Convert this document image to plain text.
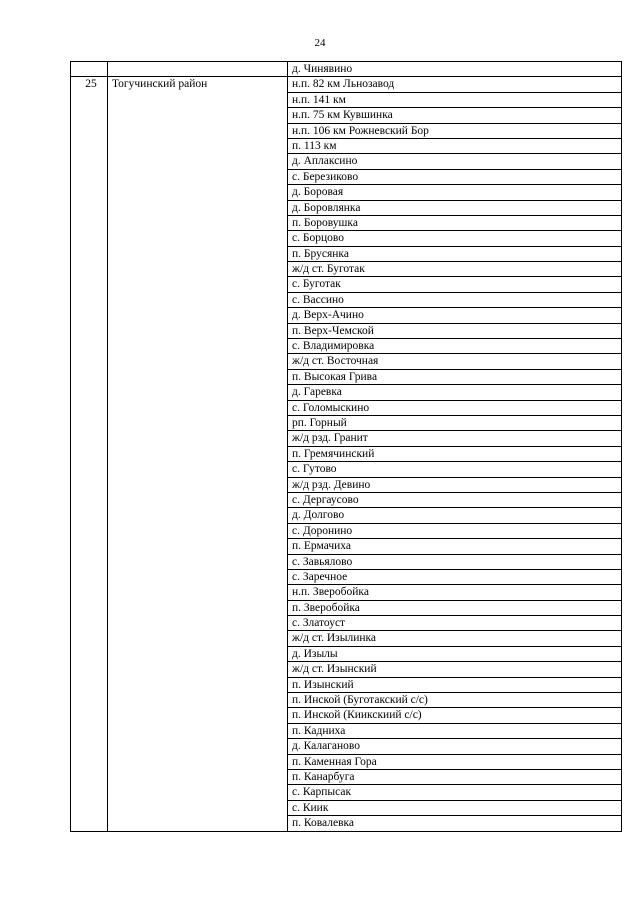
24
		д. Чинявино
25	Тогучинский район	н.п. 82 км Льнозавод
		н.п. 141 км
		н.п. 75 км Кувшинка
		н.п. 106 км Рожневский Бор
		п. 113 км
		д. Аплаксино
		с. Березиково
		д. Боровая
		д. Боровлянка
		п. Боровушка
		с. Борцово
		п. Брусянка
		ж/д ст. Буготак
		с. Буготак
		с. Вассино
		д. Верх-Ачино
		п. Верх-Чемской
		с. Владимировка
		ж/д ст. Восточная
		п. Высокая Грива
		д. Гаревка
		с. Голомыскино
		рп. Горный
		ж/д рзд. Гранит
		п. Гремячинский
		с. Гутово
		ж/д рзд. Девино
		с. Дергаусово
		д. Долгово
		с. Доронино
		п. Ермачиха
		с. Завьялово
		с. Заречное
		н.п. Зверобойка
		п. Зверобойка
		с. Златоуст
		ж/д ст. Изылинка
		д. Изылы
		ж/д ст. Изынский
		п. Изынский
		п. Инской (Буготакский с/с)
		п. Инской (Киикскиий с/с)
		п. Кадниха
		д. Калаганово
		п. Каменная Гора
		п. Канарбуга
		с. Карпысак
		с. Киик
		п. Ковалевка
